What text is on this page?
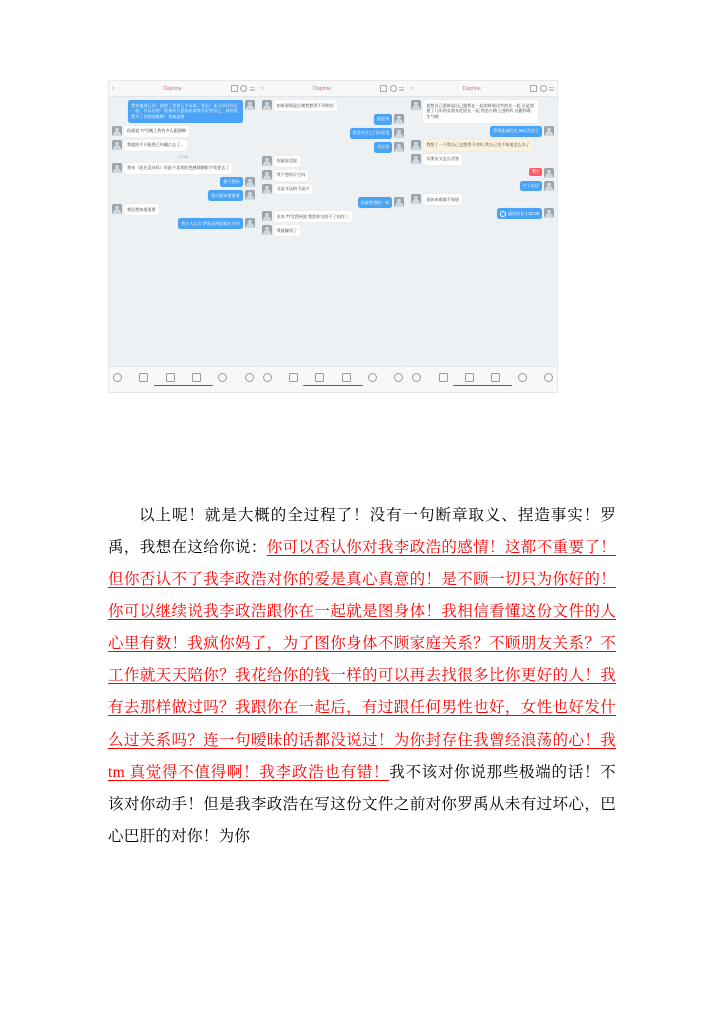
‹	Daphne
我对他那么好！他给了我那么多承诺，要去！本可以好好在一起，有以后的！结果你只是如此拿我开玩笑而已，真的很想开了你的情维啊！我真造唯
你就说 77号晚上我有多么跟酒啊
我就抬手只能要已经翻点去了。
13:08
我弟（你还没录吗）你最不喜欢的把感情随影字希要去了
我不想你
我只能知道重要
我还想知道重要
我个人以为 罗禹是两面都在讨好
‹	Daphne
如果事情是后期我想得不到的话
他起来
我会在这上门问意见
没必要
你就是没说
我不想你让它吗
这是开玩的不高兴
你就救想的一样
本来 77号我到底 我给你写的不了的作三
我就解消了
‹	Daphne
最想自己重新起自己跟我在一起的时候这些的在一起 还是想要了几年的女朋友吃饭在一起 热恋小路上进的听 这跟和谁生气啊
罗禹他真的在 tmd 没答了
我想了一下我自己也想得不对吗 我自己也不知道怎么办了
女朋友又怎么回答
撒回
打个电话
看你来难都不知道
通话时长 1:02:39

以上呢！就是大概的全过程了！没有一句断章取义、捏造事实！罗禹，我想在这给你说：你可以否认你对我李政浩的感情！这都不重要了！但你否认不了我李政浩对你的爱是真心真意的！是不顾一切只为你好的！你可以继续说我李政浩跟你在一起就是图身体！我相信看懂这份文件的人心里有数！我疯你妈了，为了图你身体不顾家庭关系？不顾朋友关系？不工作就天天陪你？我花给你的钱一样的可以再去找很多比你更好的人！我有去那样做过吗？我跟你在一起后，有过跟任何男性也好，女性也好发什么过关系吗？连一句暧昧的话都没说过！为你封存住我曾经浪荡的心！我 tm 真觉得不值得啊！我李政浩也有错！我不该对你说那些极端的话！不该对你动手！但是我李政浩在写这份文件之前对你罗禹从未有过坏心，巴心巴肝的对你！为你
